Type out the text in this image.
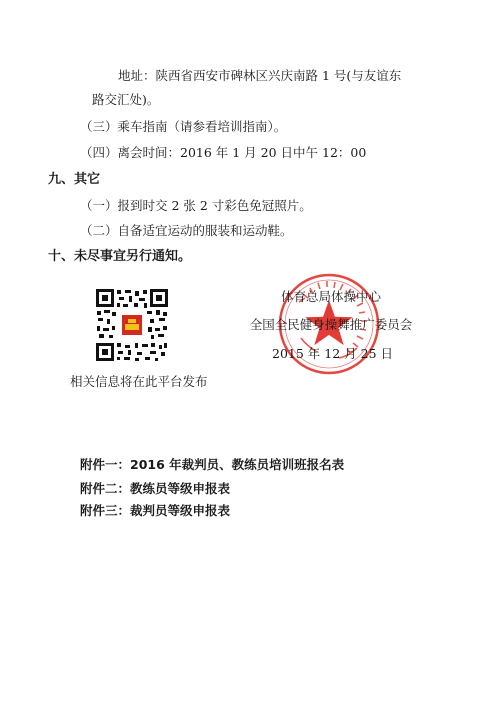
地址：陕西省西安市碑林区兴庆南路 1 号(与友谊东
路交汇处)。
（三）乘车指南（请参看培训指南）。
（四）离会时间：2016 年 1 月 20 日中午 12：00
九、其它
（一）报到时交 2 张 2 寸彩色免冠照片。
（二）自备适宜运动的服装和运动鞋。
十、未尽事宜另行通知。
相关信息将在此平台发布
体育总局体操中心
全国全民健身操舞推广委员会
2015 年 12 月 25 日
附件一：2016 年裁判员、教练员培训班报名表
附件二：教练员等级申报表
附件三：裁判员等级申报表
